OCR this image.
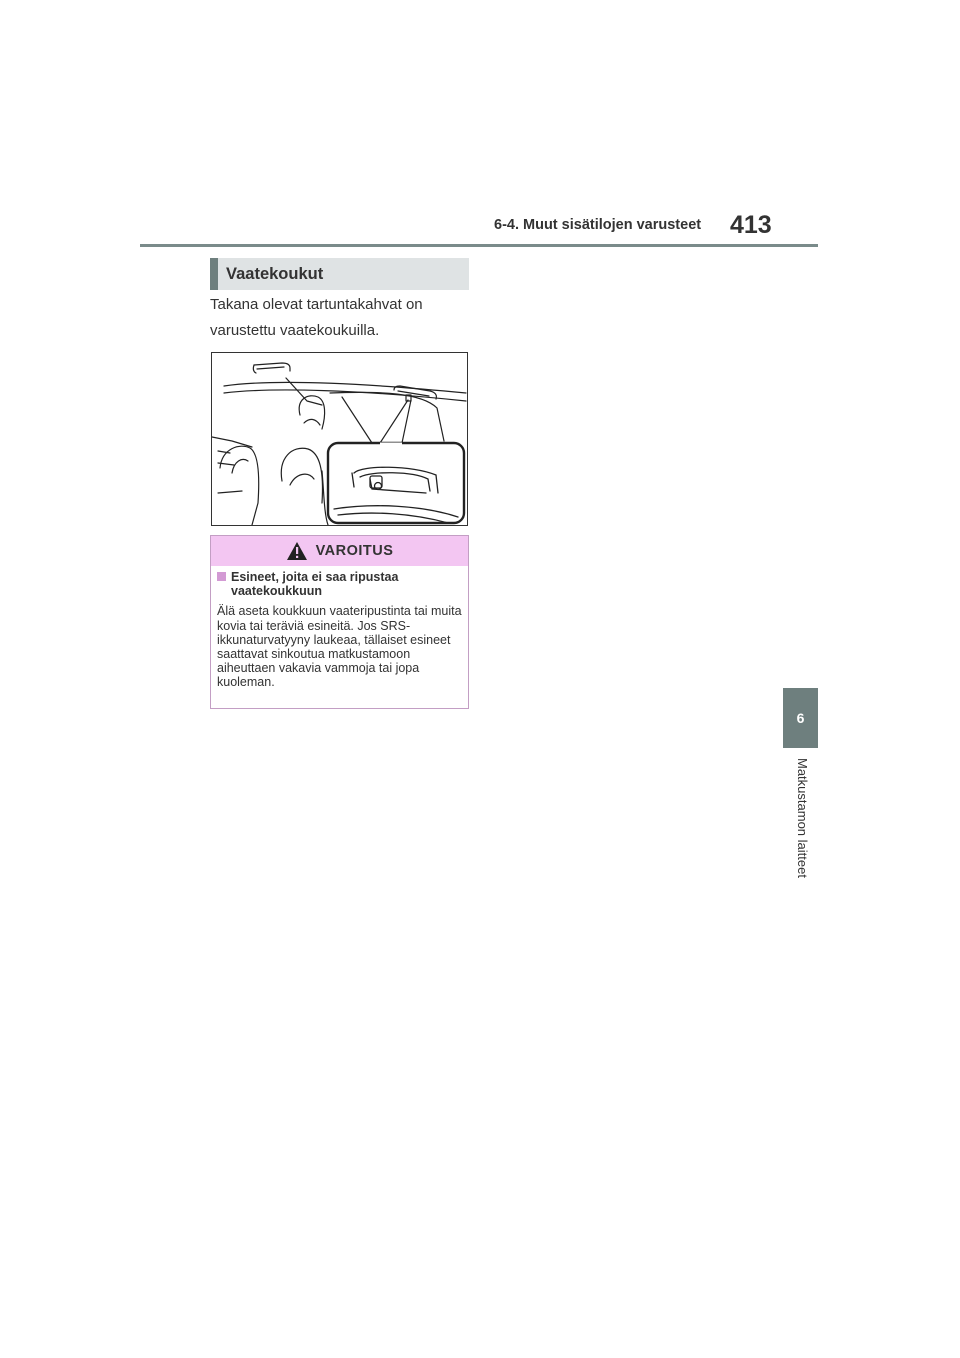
6-4. Muut sisätilojen varusteet 413
6
Matkustamon laitteet
Vaatekoukut
Takana olevat tartuntakahvat on varustettu vaatekoukuilla.
VAROITUS
Esineet, joita ei saa ripustaa vaatekoukkuun

Älä aseta koukkuun vaateripustinta tai muita kovia tai teräviä esineitä. Jos SRS-ikkunaturvatyyny laukeaa, tällaiset esineet saattavat sinkoutua matkustamoon aiheuttaen vakavia vammoja tai jopa kuoleman.
